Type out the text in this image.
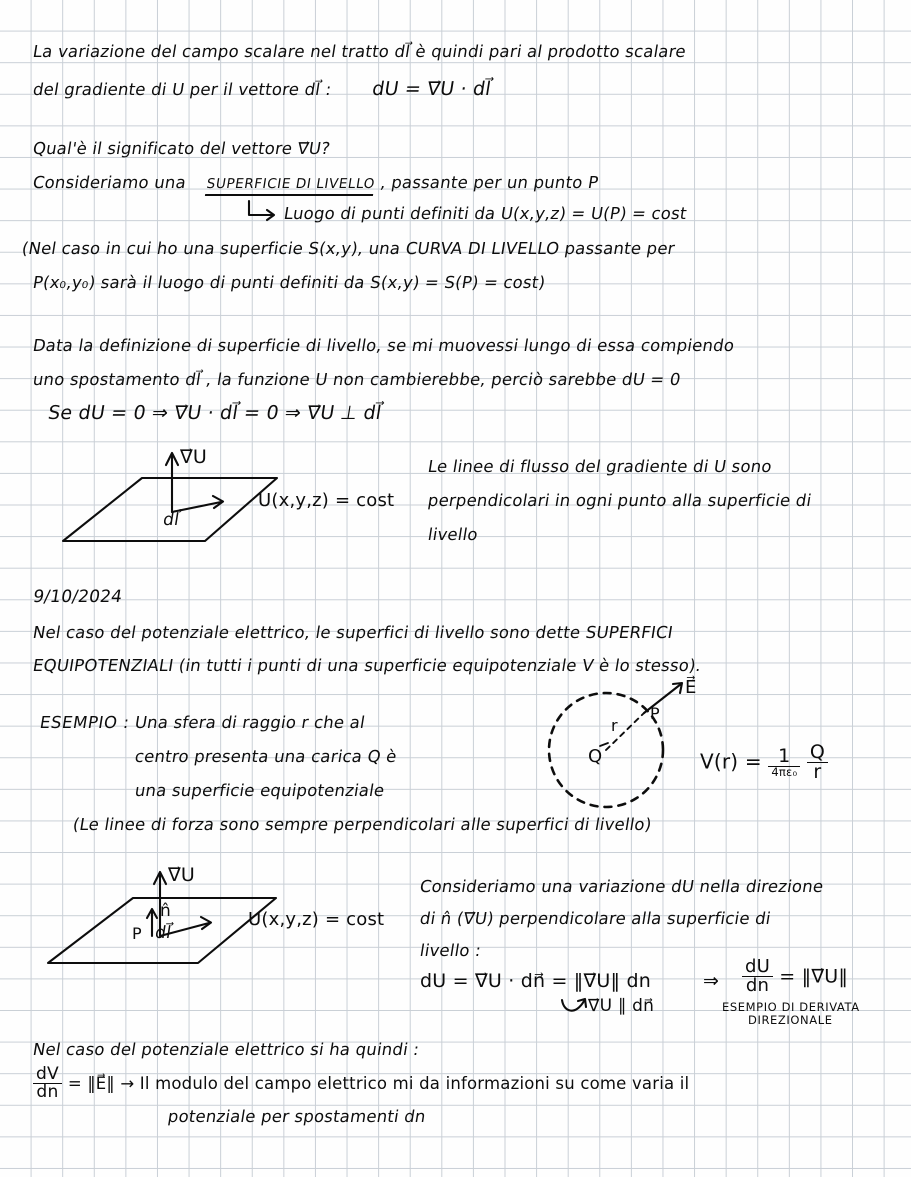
La variazione del campo scalare nel tratto dl⃗ è quindi pari al prodotto scalare
del gradiente di U per il vettore dl⃗ : dU = ∇⃗U · dl⃗
Qual'è il significato del vettore ∇⃗U?
Consideriamo una SUPERFICIE DI LIVELLO , passante per un punto P
Luogo di punti definiti da U(x,y,z) = U(P) = cost
(Nel caso in cui ho una superficie S(x,y), una CURVA DI LIVELLO passante per
P(x₀,y₀) sarà il luogo di punti definiti da S(x,y) = S(P) = cost)
Data la definizione di superficie di livello, se mi muovessi lungo di essa compiendo
uno spostamento dl⃗ , la funzione U non cambierebbe, perciò sarebbe dU = 0
Se dU = 0 ⇒ ∇⃗U · dl⃗ = 0 ⇒ ∇⃗U ⊥ dl⃗
∇⃗U
dl⃗
U(x,y,z) = cost
Le linee di flusso del gradiente di U sono
perpendicolari in ogni punto alla superficie di
livello
9/10/2024
Nel caso del potenziale elettrico, le superfici di livello sono dette SUPERFICI
EQUIPOTENZIALI (in tutti i punti di una superficie equipotenziale V è lo stesso).
ESEMPIO : Una sfera di raggio r che al
centro presenta una carica Q è
una superficie equipotenziale
Q
r
P
E⃗
$V(r) = \frac{1}{\text{4πε₀}}$
$\frac{Q}{r}$
(Le linee di forza sono sempre perpendicolari alle superfici di livello)
∇⃗U
n̂
P dl⃗
U(x,y,z) = cost
Consideriamo una variazione dU nella direzione
di n̂ (∇⃗U) perpendicolare alla superficie di
livello :
dU = ∇⃗U · dn⃗ = ‖∇⃗U‖ dn
∇⃗U ∥ dn⃗
⇒ $\frac{dU}{dn}$ = ‖∇⃗U‖
ESEMPIO DI DERIVATA
DIREZIONALE
Nel caso del potenziale elettrico si ha quindi :
$\frac{dV}{dn}$ = ‖E⃗‖ → Il modulo del campo elettrico mi da informazioni su come varia il
potenziale per spostamenti dn
